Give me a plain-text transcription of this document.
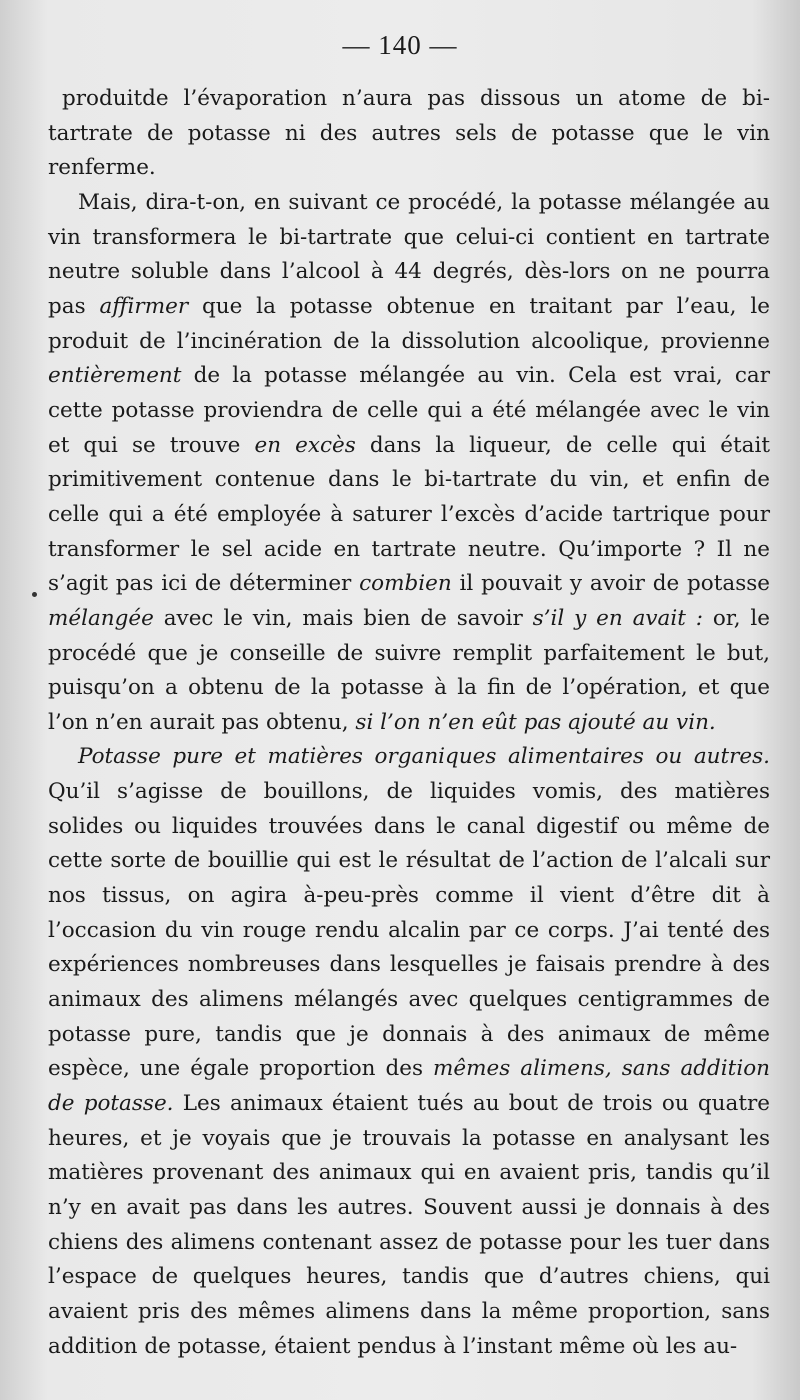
— 140 —

produitde l’évaporation n’aura pas dissous un atome de bi-tartrate de potasse ni des autres sels de potasse que le vin renferme.

Mais, dira-t-on, en suivant ce procédé, la potasse mélangée au vin transformera le bi-tartrate que celui-ci contient en tartrate neutre soluble dans l’alcool à 44 degrés, dès-lors on ne pourra pas affirmer que la potasse obtenue en traitant par l’eau, le produit de l’incinération de la dissolution alcoolique, provienne entièrement de la potasse mélangée au vin. Cela est vrai, car cette potasse proviendra de celle qui a été mélangée avec le vin et qui se trouve en excès dans la liqueur, de celle qui était primitivement contenue dans le bi-tartrate du vin, et enfin de celle qui a été employée à saturer l’excès d’acide tartrique pour transformer le sel acide en tartrate neutre. Qu’importe ? Il ne s’agit pas ici de déterminer combien il pouvait y avoir de potasse mélangée avec le vin, mais bien de savoir s’il y en avait : or, le procédé que je conseille de suivre remplit parfaitement le but, puisqu’on a obtenu de la potasse à la fin de l’opération, et que l’on n’en aurait pas obtenu, si l’on n’en eût pas ajouté au vin.

Potasse pure et matières organiques alimentaires ou autres. Qu’il s’agisse de bouillons, de liquides vomis, des matières solides ou liquides trouvées dans le canal digestif ou même de cette sorte de bouillie qui est le résultat de l’action de l’alcali sur nos tissus, on agira à-peu-près comme il vient d’être dit à l’occasion du vin rouge rendu alcalin par ce corps. J’ai tenté des expériences nombreuses dans lesquelles je faisais prendre à des animaux des alimens mélangés avec quelques centigrammes de potasse pure, tandis que je donnais à des animaux de même espèce, une égale proportion des mêmes alimens, sans addition de potasse. Les animaux étaient tués au bout de trois ou quatre heures, et je voyais que je trouvais la potasse en analysant les matières provenant des animaux qui en avaient pris, tandis qu’il n’y en avait pas dans les autres. Souvent aussi je donnais à des chiens des alimens contenant assez de potasse pour les tuer dans l’espace de quelques heures, tandis que d’autres chiens, qui avaient pris des mêmes alimens dans la même proportion, sans addition de potasse, étaient pendus à l’instant même où les au-
